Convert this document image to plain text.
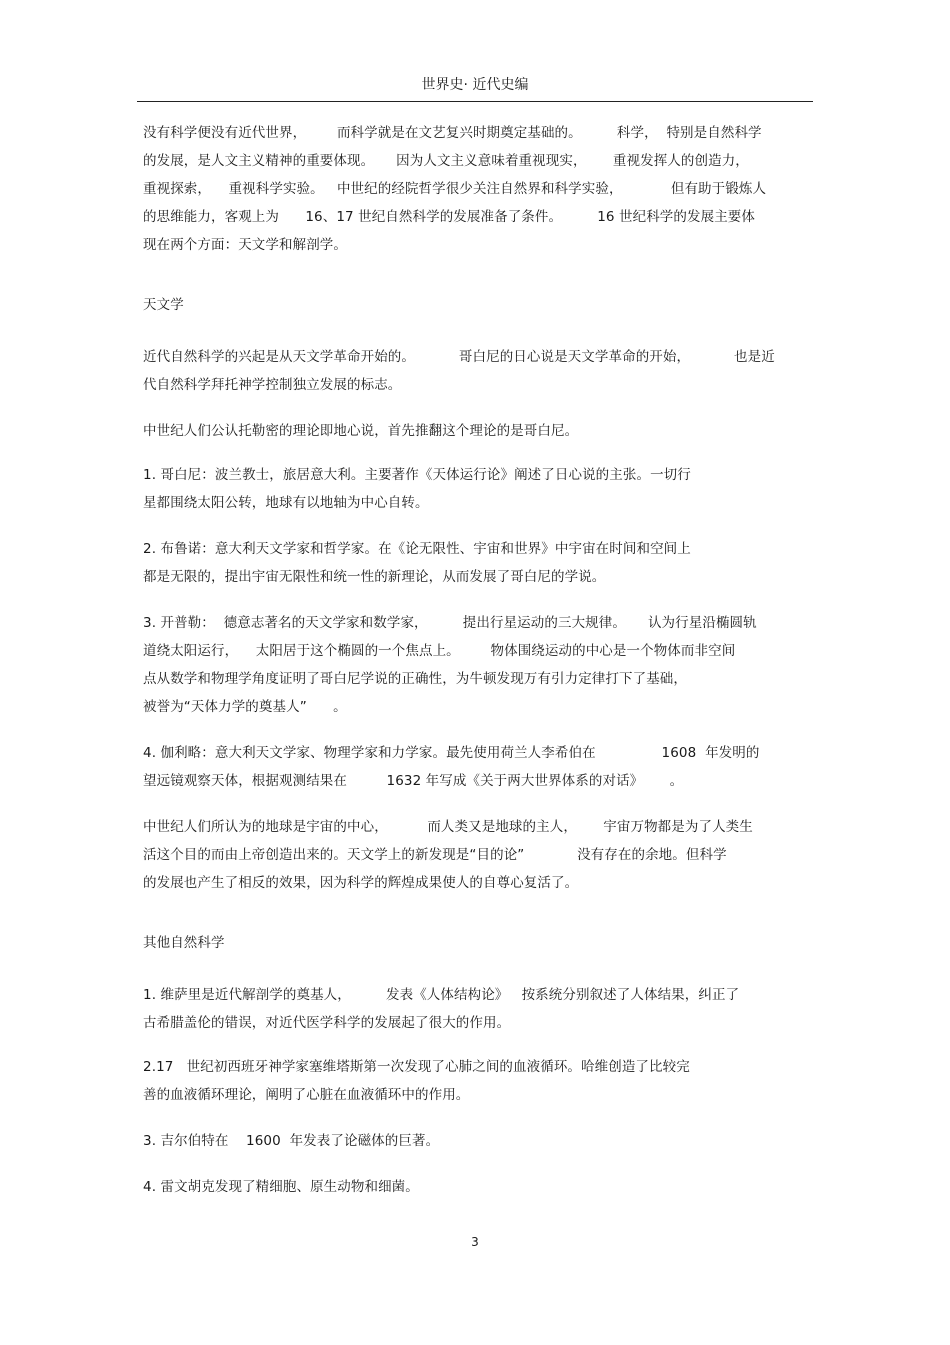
世界史· 近代史编
没有科学便没有近代世界，       而科学就是在文艺复兴时期奠定基础的。        科学，  特别是自然科学
的发展，是人文主义精神的重要体现。     因为人文主义意味着重视现实，      重视发挥人的创造力，
重视探索，    重视科学实验。   中世纪的经院哲学很少关注自然界和科学实验，           但有助于锻炼人
的思维能力，客观上为      16、17 世纪自然科学的发展准备了条件。        16 世纪科学的发展主要体
现在两个方面：天文学和解剖学。
天文学
近代自然科学的兴起是从天文学革命开始的。          哥白尼的日心说是天文学革命的开始，          也是近
代自然科学拜托神学控制独立发展的标志。
中世纪人们公认托勒密的理论即地心说，首先推翻这个理论的是哥白尼。
1. 哥白尼：波兰教士，旅居意大利。主要著作《天体运行论》阐述了日心说的主张。一切行
星都围绕太阳公转，地球有以地轴为中心自转。
2. 布鲁诺：意大利天文学家和哲学家。在《论无限性、宇宙和世界》中宇宙在时间和空间上
都是无限的，提出宇宙无限性和统一性的新理论，从而发展了哥白尼的学说。
3. 开普勒：  德意志著名的天文学家和数学家，        提出行星运动的三大规律。     认为行星沿椭圆轨
道绕太阳运行，    太阳居于这个椭圆的一个焦点上。       物体围绕运动的中心是一个物体而非空间
点从数学和物理学角度证明了哥白尼学说的正确性，为牛顿发现万有引力定律打下了基础，
被誉为“天体力学的奠基人”      。
4. 伽利略：意大利天文学家、物理学家和力学家。最先使用荷兰人李希伯在               1608  年发明的
望远镜观察天体，根据观测结果在         1632 年写成《关于两大世界体系的对话》      。
中世纪人们所认为的地球是宇宙的中心，         而人类又是地球的主人，      宇宙万物都是为了人类生
活这个目的而由上帝创造出来的。天文学上的新发现是“目的论”            没有存在的余地。但科学
的发展也产生了相反的效果，因为科学的辉煌成果使人的自尊心复活了。
其他自然科学
1. 维萨里是近代解剖学的奠基人，        发表《人体结构论》   按系统分别叙述了人体结果，纠正了
古希腊盖伦的错误，对近代医学科学的发展起了很大的作用。
2.17   世纪初西班牙神学家塞维塔斯第一次发现了心肺之间的血液循环。哈维创造了比较完
善的血液循环理论，阐明了心脏在血液循环中的作用。
3. 吉尔伯特在    1600  年发表了论磁体的巨著。
4. 雷文胡克发现了精细胞、原生动物和细菌。
3
